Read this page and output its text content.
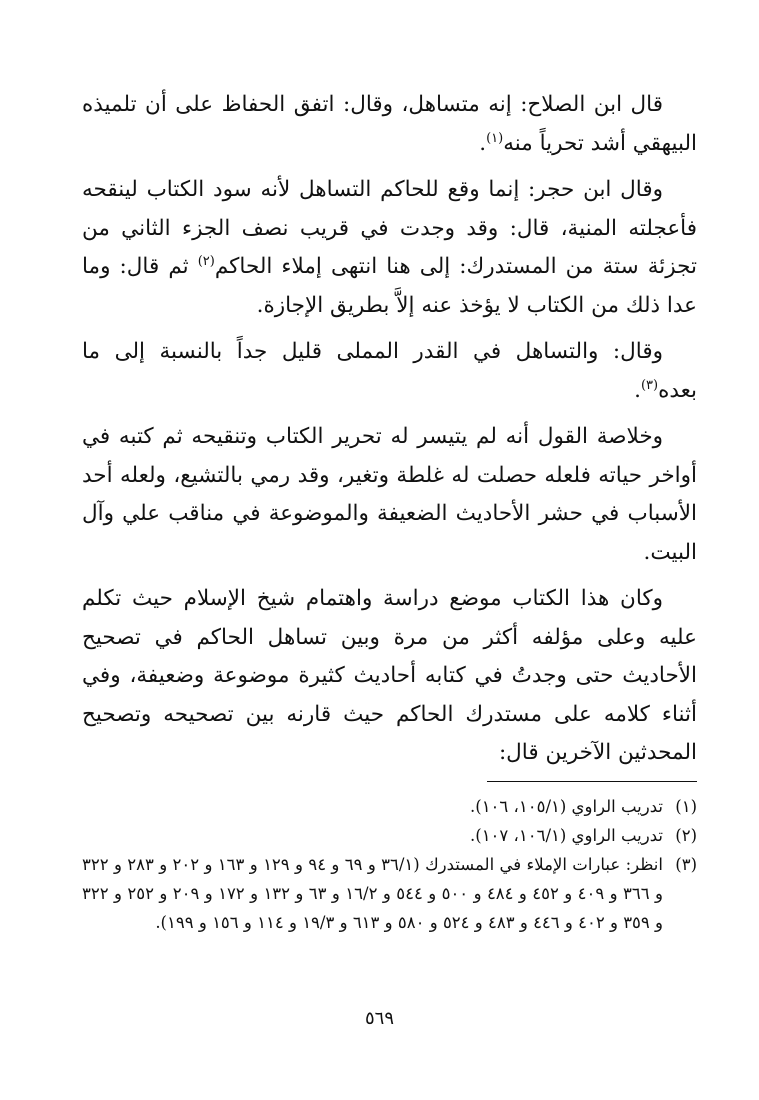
قال ابن الصلاح: إنه متساهل، وقال: اتفق الحفاظ على أن تلميذه البيهقي أشد تحرياً منه$^{(١)}$.

وقال ابن حجر: إنما وقع للحاكم التساهل لأنه سود الكتاب لينقحه فأعجلته المنية، قال: وقد وجدت في قريب نصف الجزء الثاني من تجزئة ستة من المستدرك: إلى هنا انتهى إملاء الحاكم$^{(٢)}$ ثم قال: وما عدا ذلك من الكتاب لا يؤخذ عنه إلاَّ بطريق الإجازة.

وقال: والتساهل في القدر المملى قليل جداً بالنسبة إلى ما بعده$^{(٣)}$.

وخلاصة القول أنه لم يتيسر له تحرير الكتاب وتنقيحه ثم كتبه في أواخر حياته فلعله حصلت له غلطة وتغير، وقد رمي بالتشيع، ولعله أحد الأسباب في حشر الأحاديث الضعيفة والموضوعة في مناقب علي وآل البيت.

وكان هذا الكتاب موضع دراسة واهتمام شيخ الإسلام حيث تكلم عليه وعلى مؤلفه أكثر من مرة وبين تساهل الحاكم في تصحيح الأحاديث حتى وجدتُ في كتابه أحاديث كثيرة موضوعة وضعيفة، وفي أثناء كلامه على مستدرك الحاكم حيث قارنه بين تصحيحه وتصحيح المحدثين الآخرين قال:

(١)
تدريب الراوي (١٠٥/١، ١٠٦).
(٢)
تدريب الراوي (١٠٦/١، ١٠٧).
(٣)
انظر: عبارات الإملاء في المستدرك (٣٦/١ و ٦٩ و ٩٤ و ١٢٩ و ١٦٣ و ٢٠٢ و ٢٨٣ و ٣٢٢ و ٣٦٦ و ٤٠٩ و ٤٥٢ و ٤٨٤ و ٥٠٠ و ٥٤٤ و ١٦/٢ و ٦٣ و ١٣٢ و ١٧٢ و ٢٠٩ و ٢٥٢ و ٣٢٢ و ٣٥٩ و ٤٠٢ و ٤٤٦ و ٤٨٣ و ٥٢٤ و ٥٨٠ و ٦١٣ و ١٩/٣ و ١١٤ و ١٥٦ و ١٩٩).
٥٦٩
